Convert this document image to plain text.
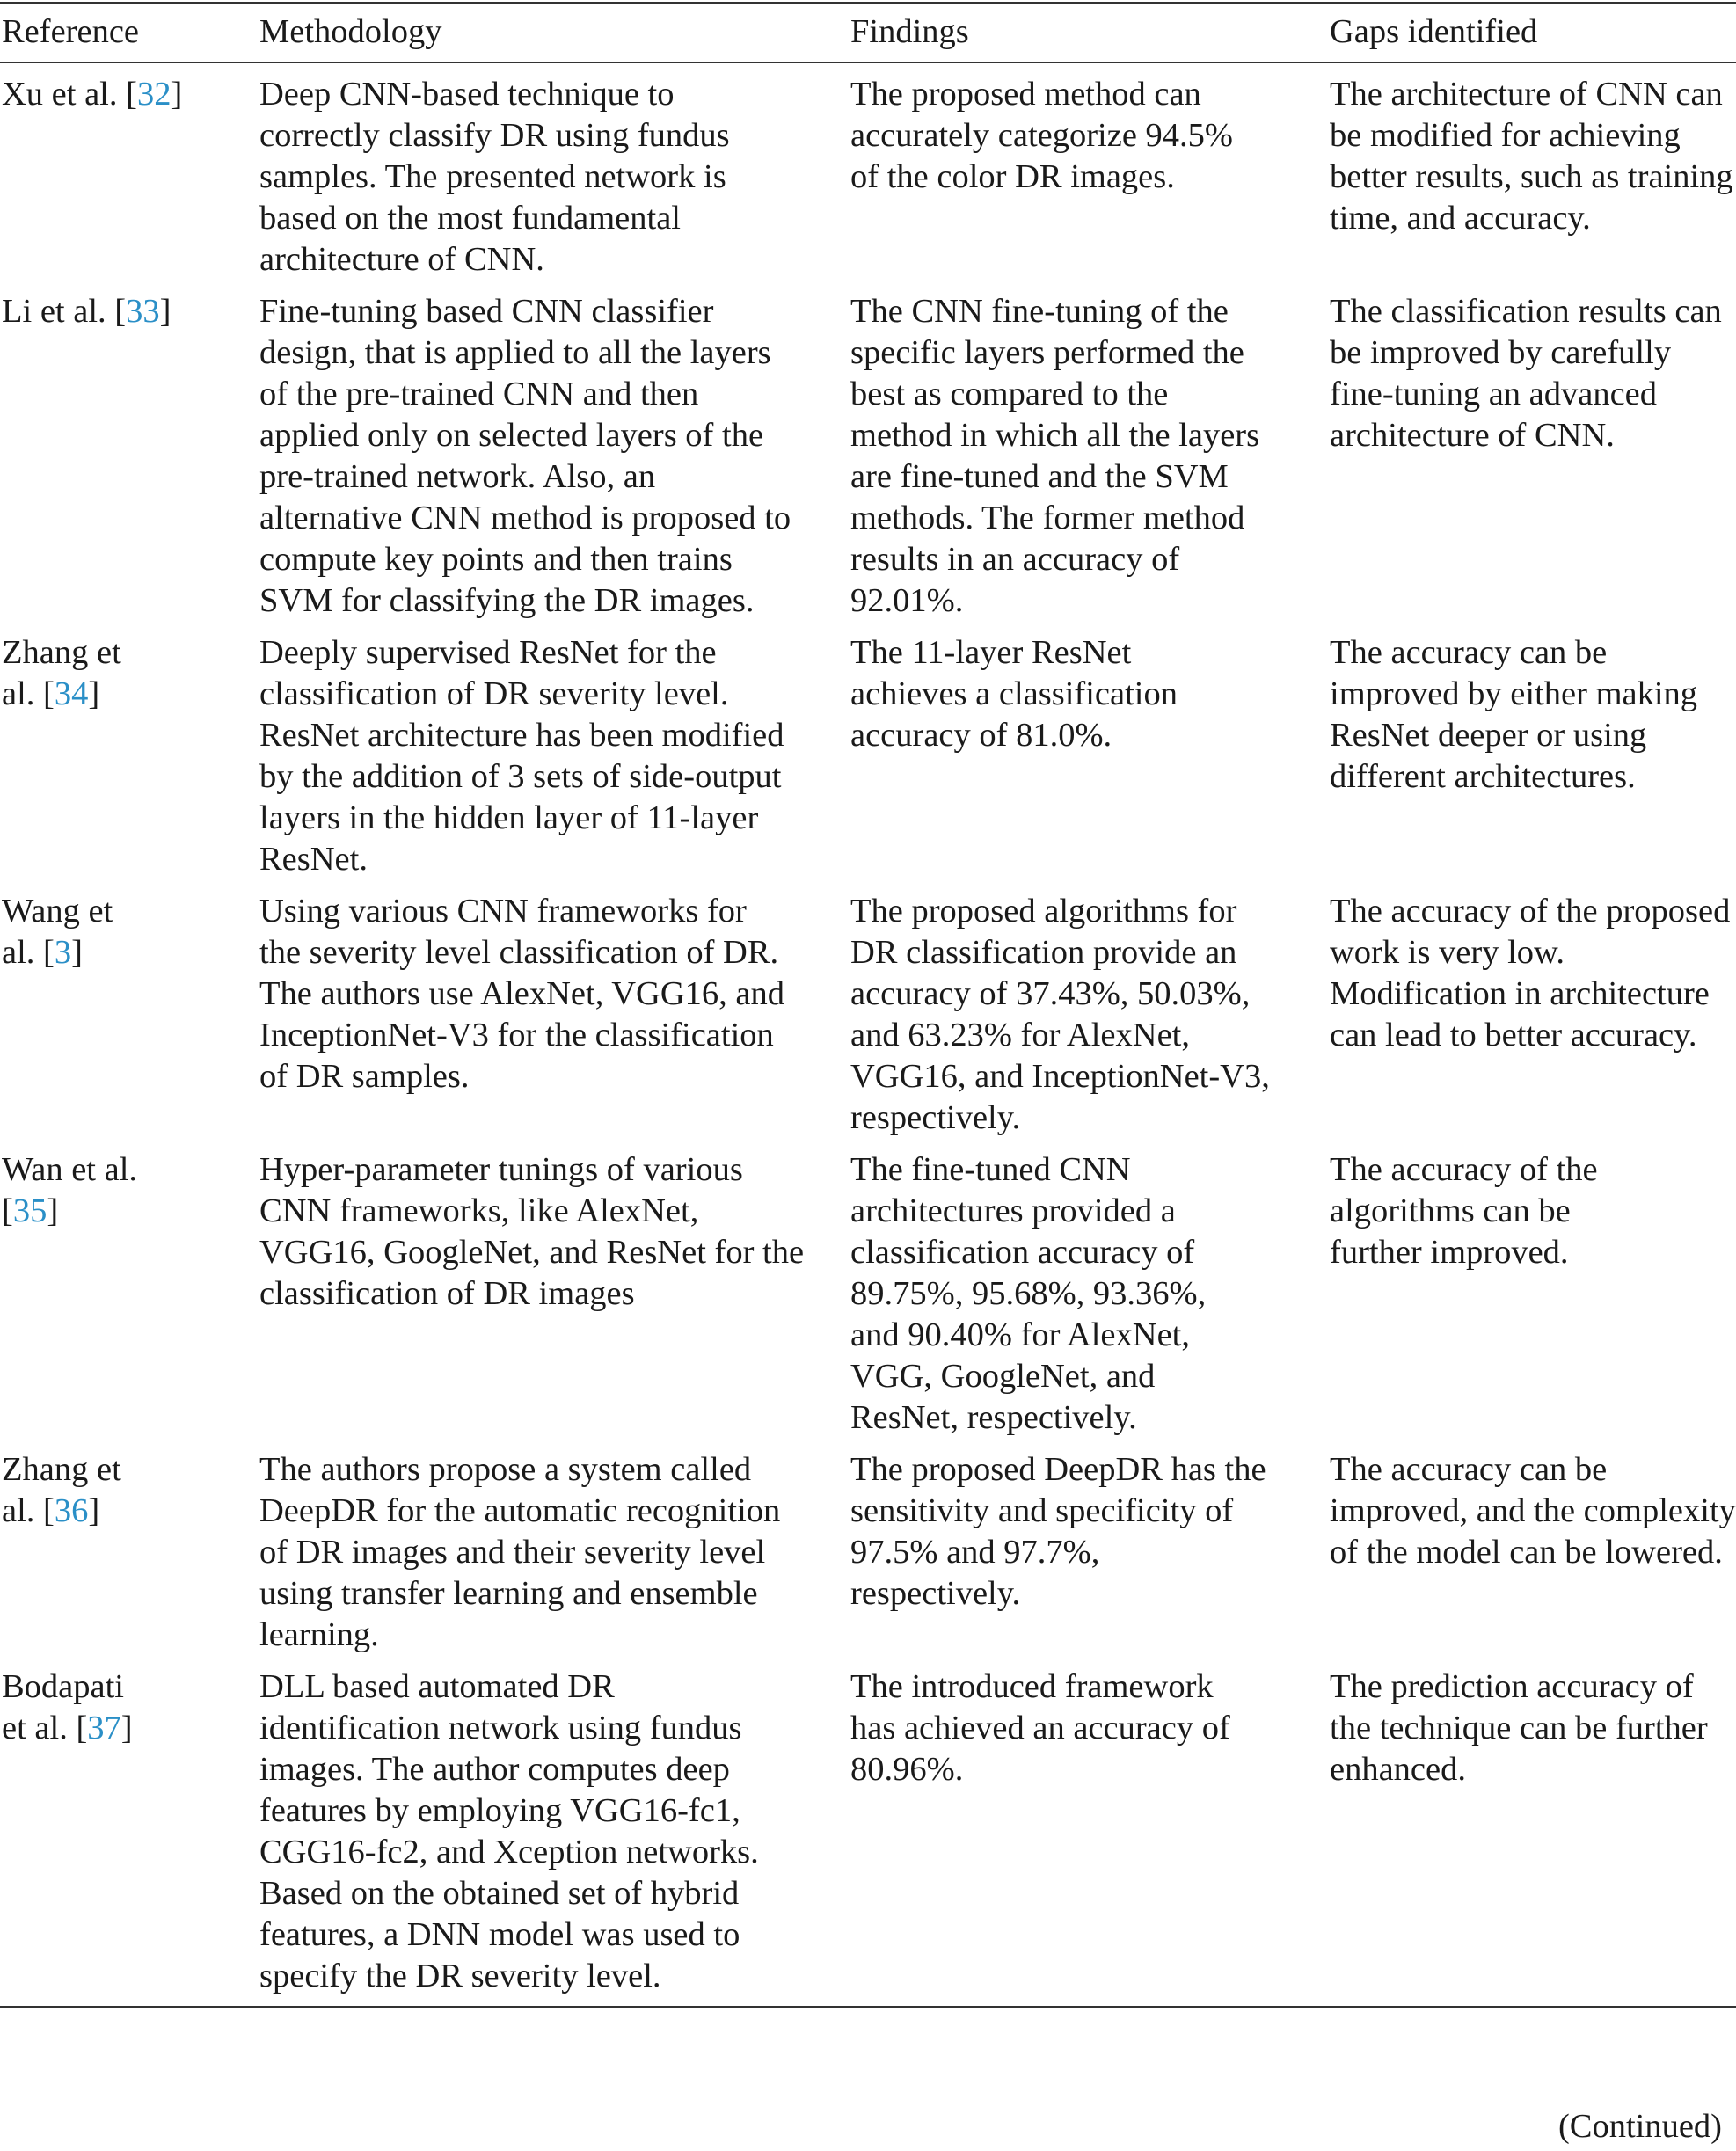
Reference	Methodology	Findings	Gaps identified

Xu et al. [32]	Deep CNN-based technique to correctly classify DR using fundus samples. The presented network is based on the most fundamental architecture of CNN.	The proposed method can accurately categorize 94.5% of the color DR images.	The architecture of CNN can be modified for achieving better results, such as training time, and accuracy.

Li et al. [33]	Fine-tuning based CNN classifier design, that is applied to all the layers of the pre-trained CNN and then applied only on selected layers of the pre-trained network. Also, an alternative CNN method is proposed to compute key points and then trains SVM for classifying the DR images.	The CNN fine-tuning of the specific layers performed the best as compared to the method in which all the layers are fine-tuned and the SVM methods. The former method results in an accuracy of 92.01%.	The classification results can be improved by carefully fine-tuning an advanced architecture of CNN.

Zhang et al. [34]	Deeply supervised ResNet for the classification of DR severity level. ResNet architecture has been modified by the addition of 3 sets of side-output layers in the hidden layer of 11-layer ResNet.	The 11-layer ResNet achieves a classification accuracy of 81.0%.	The accuracy can be improved by either making ResNet deeper or using different architectures.

Wang et al. [3]	Using various CNN frameworks for the severity level classification of DR. The authors use AlexNet, VGG16, and InceptionNet-V3 for the classification of DR samples.	The proposed algorithms for DR classification provide an accuracy of 37.43%, 50.03%, and 63.23% for AlexNet, VGG16, and InceptionNet-V3, respectively.	The accuracy of the proposed work is very low. Modification in architecture can lead to better accuracy.

Wan et al. [35]	Hyper-parameter tunings of various CNN frameworks, like AlexNet, VGG16, GoogleNet, and ResNet for the classification of DR images	The fine-tuned CNN architectures provided a classification accuracy of 89.75%, 95.68%, 93.36%, and 90.40% for AlexNet, VGG, GoogleNet, and ResNet, respectively.	The accuracy of the algorithms can be further improved.

Zhang et al. [36]	The authors propose a system called DeepDR for the automatic recognition of DR images and their severity level using transfer learning and ensemble learning.	The proposed DeepDR has the sensitivity and specificity of 97.5% and 97.7%, respectively.	The accuracy can be improved, and the complexity of the model can be lowered.

Bodapati et al. [37]	DLL based automated DR identification network using fundus images. The author computes deep features by employing VGG16-fc1, CGG16-fc2, and Xception networks. Based on the obtained set of hybrid features, a DNN model was used to specify the DR severity level.	The introduced framework has achieved an accuracy of 80.96%.	The prediction accuracy of the technique can be further enhanced.
(Continued)
